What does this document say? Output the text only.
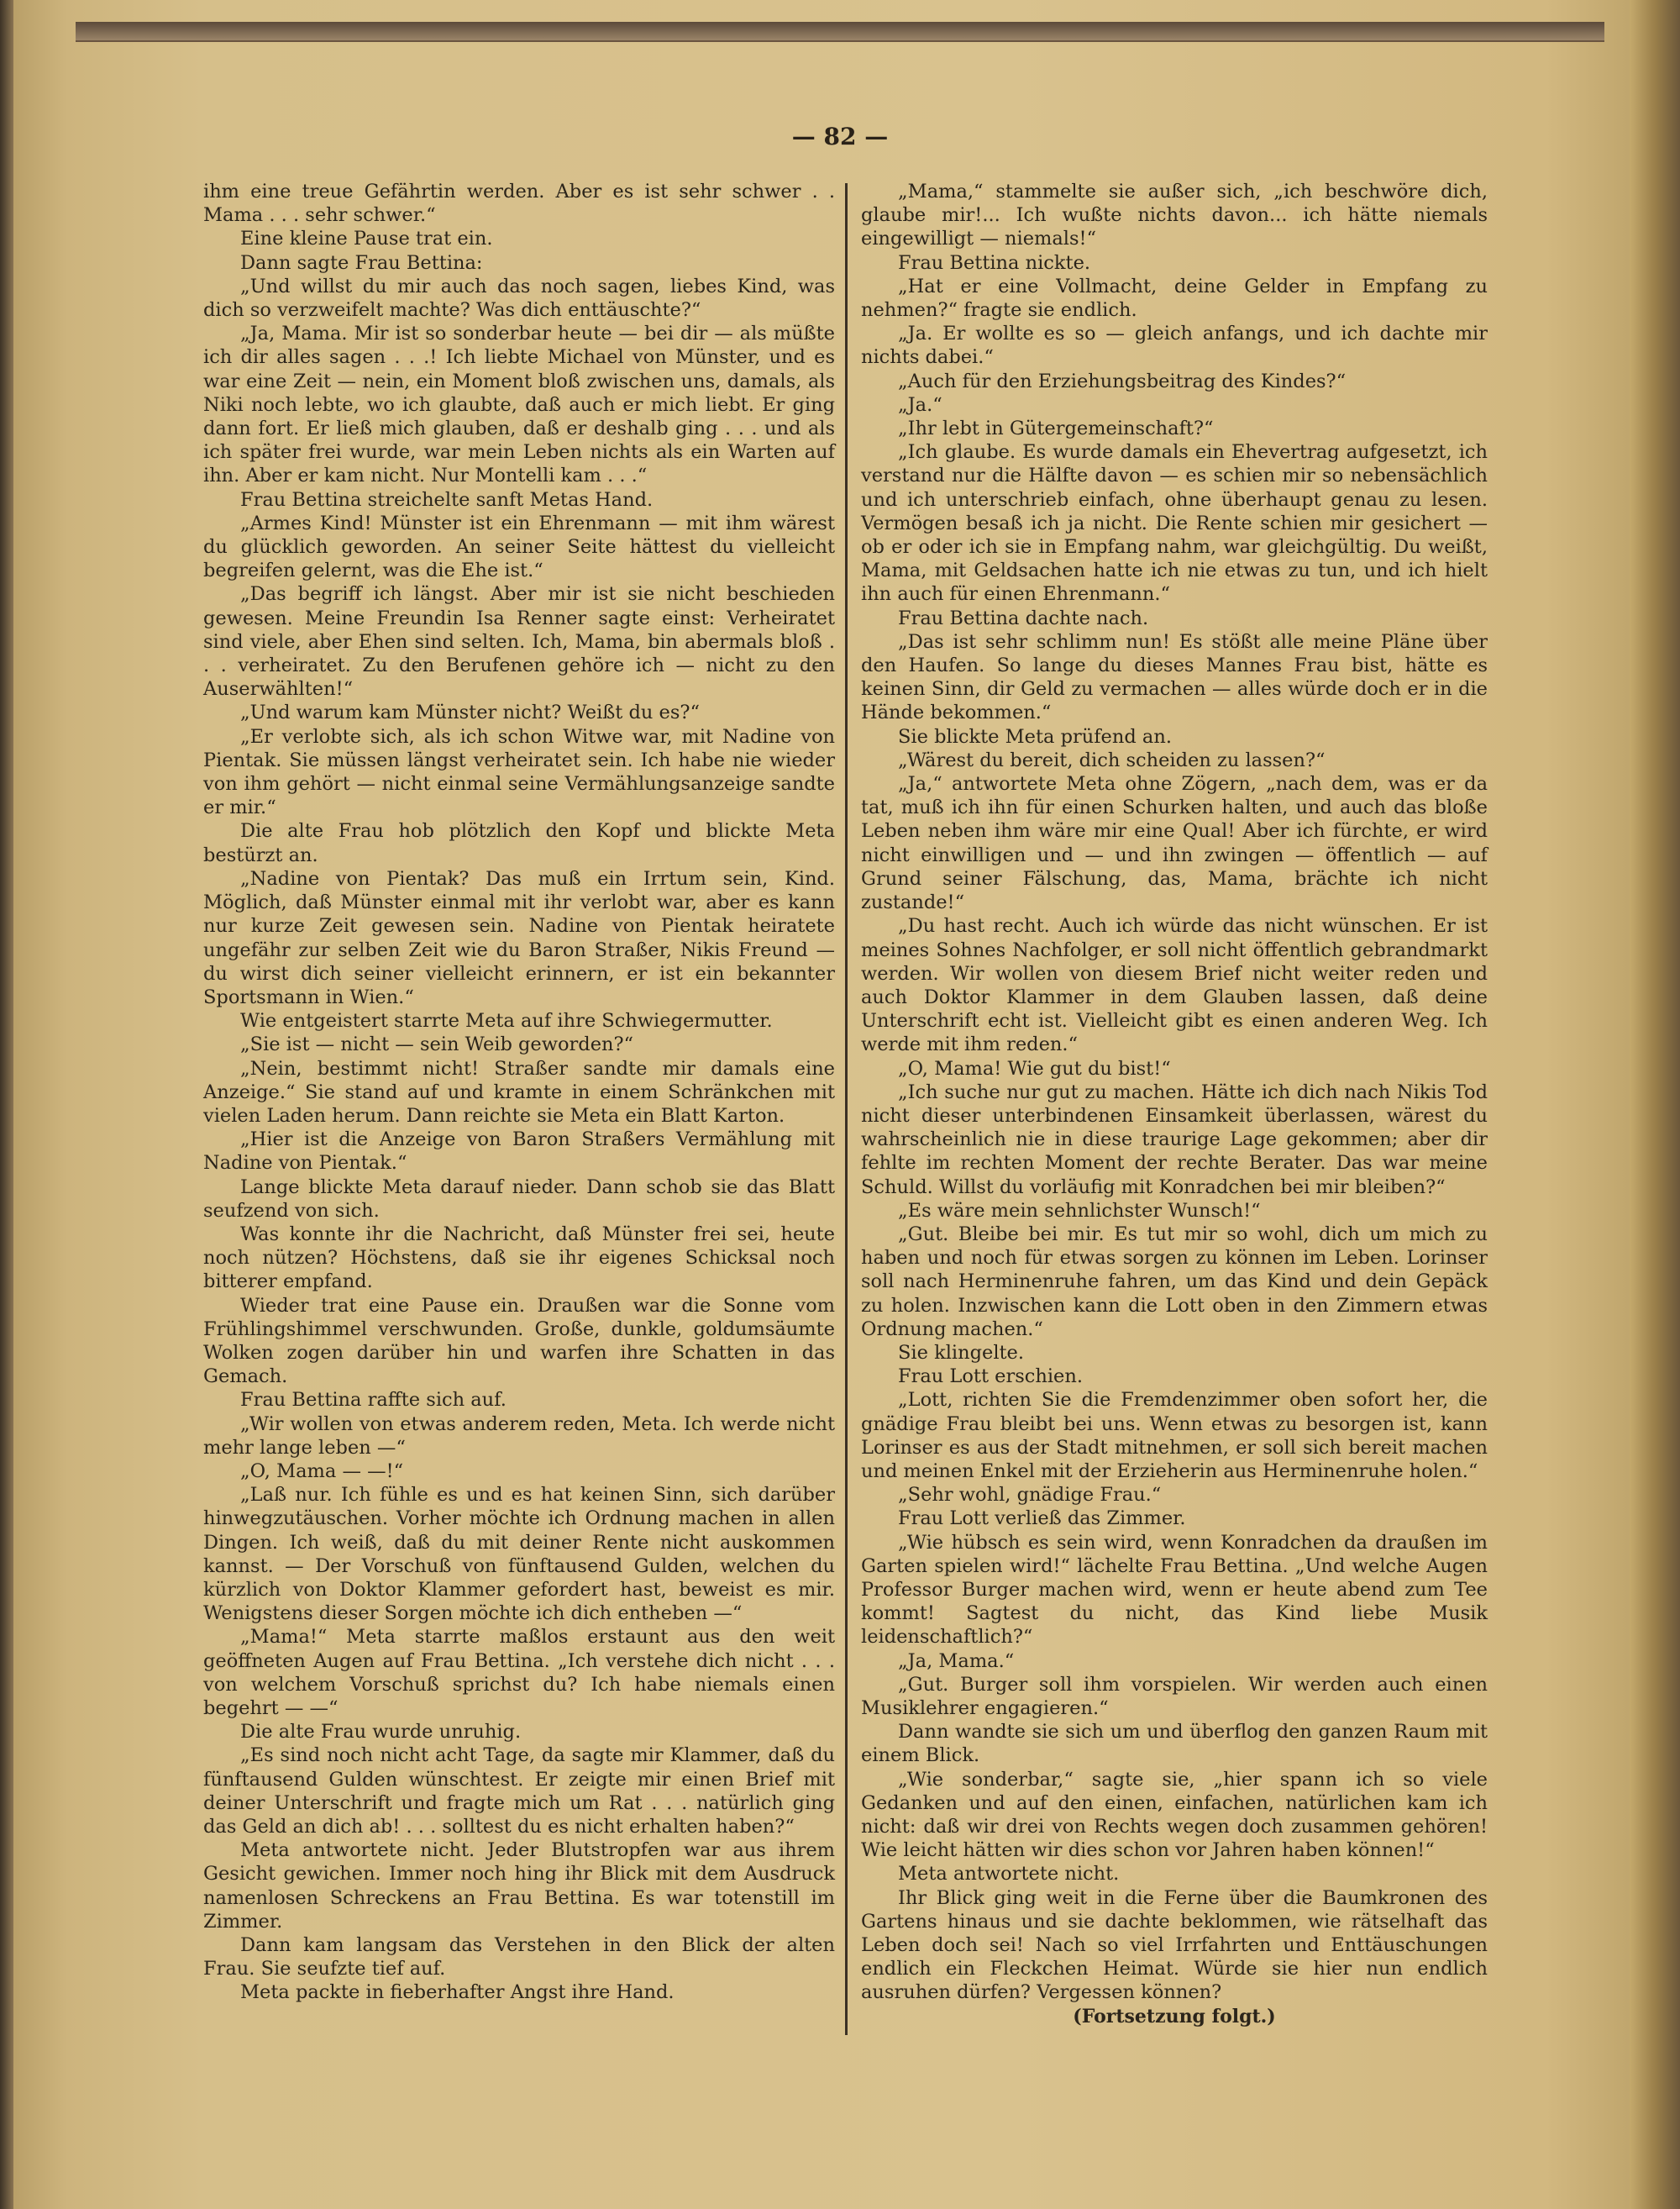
— 82 —

ihm eine treue Gefährtin werden. Aber es ist sehr schwer . . Mama . . . sehr schwer.“

Eine kleine Pause trat ein.

Dann sagte Frau Bettina:

„Und willst du mir auch das noch sagen, liebes Kind, was dich so verzweifelt machte? Was dich enttäuschte?“

„Ja, Mama. Mir ist so sonderbar heute — bei dir — als müßte ich dir alles sagen . . .! Ich liebte Michael von Münster, und es war eine Zeit — nein, ein Moment bloß zwischen uns, damals, als Niki noch lebte, wo ich glaubte, daß auch er mich liebt. Er ging dann fort. Er ließ mich glauben, daß er deshalb ging . . . und als ich später frei wurde, war mein Leben nichts als ein Warten auf ihn. Aber er kam nicht. Nur Montelli kam . . .“

Frau Bettina streichelte sanft Metas Hand.

„Armes Kind! Münster ist ein Ehrenmann — mit ihm wärest du glücklich geworden. An seiner Seite hättest du vielleicht begreifen gelernt, was die Ehe ist.“

„Das begriff ich längst. Aber mir ist sie nicht beschieden gewesen. Meine Freundin Isa Renner sagte einst: Verheiratet sind viele, aber Ehen sind selten. Ich, Mama, bin abermals bloß . . . verheiratet. Zu den Berufenen gehöre ich — nicht zu den Auserwählten!“

„Und warum kam Münster nicht? Weißt du es?“

„Er verlobte sich, als ich schon Witwe war, mit Nadine von Pientak. Sie müssen längst verheiratet sein. Ich habe nie wieder von ihm gehört — nicht einmal seine Vermählungsanzeige sandte er mir.“

Die alte Frau hob plötzlich den Kopf und blickte Meta bestürzt an.

„Nadine von Pientak? Das muß ein Irrtum sein, Kind. Möglich, daß Münster einmal mit ihr verlobt war, aber es kann nur kurze Zeit gewesen sein. Nadine von Pientak heiratete ungefähr zur selben Zeit wie du Baron Straßer, Nikis Freund — du wirst dich seiner vielleicht erinnern, er ist ein bekannter Sportsmann in Wien.“

Wie entgeistert starrte Meta auf ihre Schwiegermutter.

„Sie ist — nicht — sein Weib geworden?“

„Nein, bestimmt nicht! Straßer sandte mir damals eine Anzeige.“ Sie stand auf und kramte in einem Schränkchen mit vielen Laden herum. Dann reichte sie Meta ein Blatt Karton.

„Hier ist die Anzeige von Baron Straßers Vermählung mit Nadine von Pientak.“

Lange blickte Meta darauf nieder. Dann schob sie das Blatt seufzend von sich.

Was konnte ihr die Nachricht, daß Münster frei sei, heute noch nützen? Höchstens, daß sie ihr eigenes Schicksal noch bitterer empfand.

Wieder trat eine Pause ein. Draußen war die Sonne vom Frühlingshimmel verschwunden. Große, dunkle, goldumsäumte Wolken zogen darüber hin und warfen ihre Schatten in das Gemach.

Frau Bettina raffte sich auf.

„Wir wollen von etwas anderem reden, Meta. Ich werde nicht mehr lange leben —“

„O, Mama — —!“

„Laß nur. Ich fühle es und es hat keinen Sinn, sich darüber hinwegzutäuschen. Vorher möchte ich Ordnung machen in allen Dingen. Ich weiß, daß du mit deiner Rente nicht auskommen kannst. — Der Vorschuß von fünftausend Gulden, welchen du kürzlich von Doktor Klammer gefordert hast, beweist es mir. Wenigstens dieser Sorgen möchte ich dich entheben —“

„Mama!“ Meta starrte maßlos erstaunt aus den weit geöffneten Augen auf Frau Bettina. „Ich verstehe dich nicht . . . von welchem Vorschuß sprichst du? Ich habe niemals einen begehrt — —“

Die alte Frau wurde unruhig.

„Es sind noch nicht acht Tage, da sagte mir Klammer, daß du fünftausend Gulden wünschtest. Er zeigte mir einen Brief mit deiner Unterschrift und fragte mich um Rat . . . natürlich ging das Geld an dich ab! . . . solltest du es nicht erhalten haben?“

Meta antwortete nicht. Jeder Blutstropfen war aus ihrem Gesicht gewichen. Immer noch hing ihr Blick mit dem Ausdruck namenlosen Schreckens an Frau Bettina. Es war totenstill im Zimmer.

Dann kam langsam das Verstehen in den Blick der alten Frau. Sie seufzte tief auf.

Meta packte in fieberhafter Angst ihre Hand.

„Mama,“ stammelte sie außer sich, „ich beschwöre dich, glaube mir!... Ich wußte nichts davon... ich hätte niemals eingewilligt — niemals!“

Frau Bettina nickte.

„Hat er eine Vollmacht, deine Gelder in Empfang zu nehmen?“ fragte sie endlich.

„Ja. Er wollte es so — gleich anfangs, und ich dachte mir nichts dabei.“

„Auch für den Erziehungsbeitrag des Kindes?“

„Ja.“

„Ihr lebt in Gütergemeinschaft?“

„Ich glaube. Es wurde damals ein Ehevertrag aufgesetzt, ich verstand nur die Hälfte davon — es schien mir so nebensächlich und ich unterschrieb einfach, ohne überhaupt genau zu lesen. Vermögen besaß ich ja nicht. Die Rente schien mir gesichert — ob er oder ich sie in Empfang nahm, war gleichgültig. Du weißt, Mama, mit Geldsachen hatte ich nie etwas zu tun, und ich hielt ihn auch für einen Ehrenmann.“

Frau Bettina dachte nach.

„Das ist sehr schlimm nun! Es stößt alle meine Pläne über den Haufen. So lange du dieses Mannes Frau bist, hätte es keinen Sinn, dir Geld zu vermachen — alles würde doch er in die Hände bekommen.“

Sie blickte Meta prüfend an.

„Wärest du bereit, dich scheiden zu lassen?“

„Ja,“ antwortete Meta ohne Zögern, „nach dem, was er da tat, muß ich ihn für einen Schurken halten, und auch das bloße Leben neben ihm wäre mir eine Qual! Aber ich fürchte, er wird nicht einwilligen und — und ihn zwingen — öffentlich — auf Grund seiner Fälschung, das, Mama, brächte ich nicht zustande!“

„Du hast recht. Auch ich würde das nicht wünschen. Er ist meines Sohnes Nachfolger, er soll nicht öffentlich gebrandmarkt werden. Wir wollen von diesem Brief nicht weiter reden und auch Doktor Klammer in dem Glauben lassen, daß deine Unterschrift echt ist. Vielleicht gibt es einen anderen Weg. Ich werde mit ihm reden.“

„O, Mama! Wie gut du bist!“

„Ich suche nur gut zu machen. Hätte ich dich nach Nikis Tod nicht dieser unterbindenen Einsamkeit überlassen, wärest du wahrscheinlich nie in diese traurige Lage gekommen; aber dir fehlte im rechten Moment der rechte Berater. Das war meine Schuld. Willst du vorläufig mit Konradchen bei mir bleiben?“

„Es wäre mein sehnlichster Wunsch!“

„Gut. Bleibe bei mir. Es tut mir so wohl, dich um mich zu haben und noch für etwas sorgen zu können im Leben. Lorinser soll nach Herminenruhe fahren, um das Kind und dein Gepäck zu holen. Inzwischen kann die Lott oben in den Zimmern etwas Ordnung machen.“

Sie klingelte.

Frau Lott erschien.

„Lott, richten Sie die Fremdenzimmer oben sofort her, die gnädige Frau bleibt bei uns. Wenn etwas zu besorgen ist, kann Lorinser es aus der Stadt mitnehmen, er soll sich bereit machen und meinen Enkel mit der Erzieherin aus Herminenruhe holen.“

„Sehr wohl, gnädige Frau.“

Frau Lott verließ das Zimmer.

„Wie hübsch es sein wird, wenn Konradchen da draußen im Garten spielen wird!“ lächelte Frau Bettina. „Und welche Augen Professor Burger machen wird, wenn er heute abend zum Tee kommt! Sagtest du nicht, das Kind liebe Musik leidenschaftlich?“

„Ja, Mama.“

„Gut. Burger soll ihm vorspielen. Wir werden auch einen Musiklehrer engagieren.“

Dann wandte sie sich um und überflog den ganzen Raum mit einem Blick.

„Wie sonderbar,“ sagte sie, „hier spann ich so viele Gedanken und auf den einen, einfachen, natürlichen kam ich nicht: daß wir drei von Rechts wegen doch zusammen gehören! Wie leicht hätten wir dies schon vor Jahren haben können!“

Meta antwortete nicht.

Ihr Blick ging weit in die Ferne über die Baumkronen des Gartens hinaus und sie dachte beklommen, wie rätselhaft das Leben doch sei! Nach so viel Irrfahrten und Enttäuschungen endlich ein Fleckchen Heimat. Würde sie hier nun endlich ausruhen dürfen? Vergessen können?

(Fortsetzung folgt.)
